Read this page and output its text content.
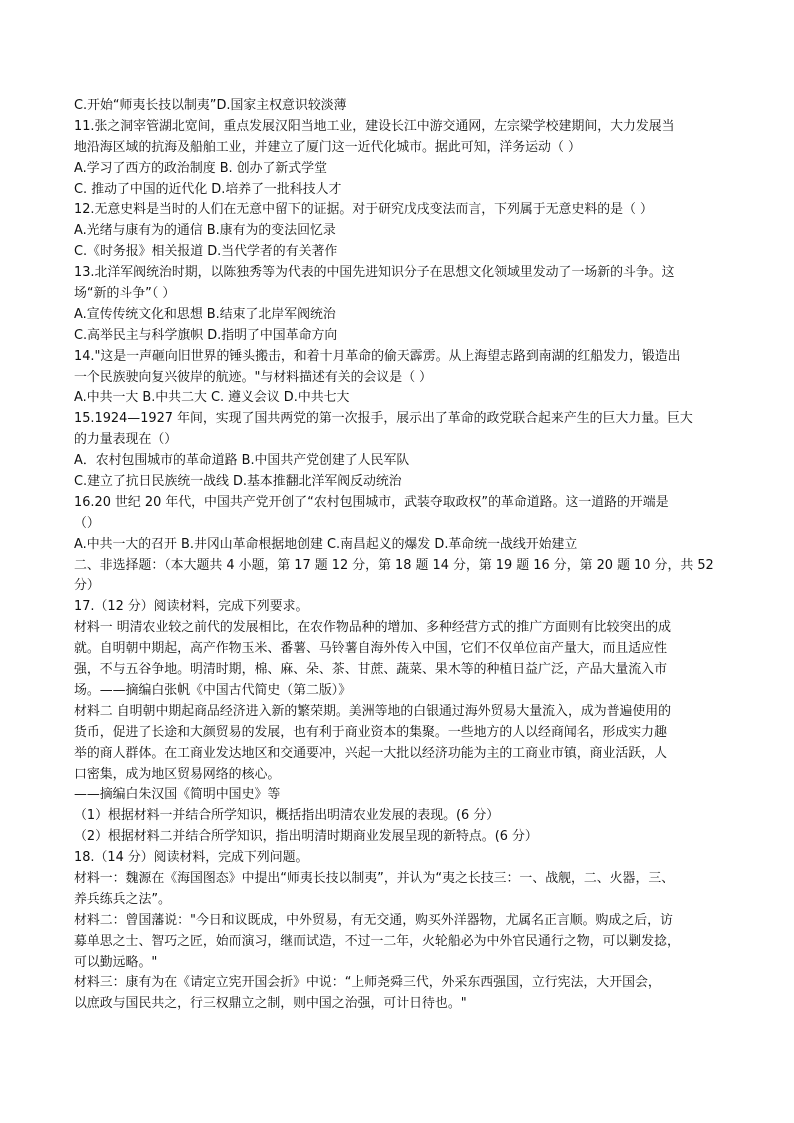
C.开始“师夷长技以制夷”D.国家主权意识较淡薄
11.张之洞宰管湖北宽间，重点发展汉阳当地工业，建设长江中游交通网，左宗梁学校建期间，大力发展当
地沿海区域的抗海及船舶工业，并建立了厦门这一近代化城市。据此可知，洋务运动（ ）
A.学习了西方的政治制度 B. 创办了新式学堂
C. 推动了中国的近代化 D.培养了一批科技人才
12.无意史料是当时的人们在无意中留下的证据。对于研究戊戌变法而言，下列属于无意史料的是（ ）
A.光绪与康有为的通信 B.康有为的变法回忆录
C.《时务报》相关报道 D.当代学者的有关著作
13.北洋军阀统治时期，以陈独秀等为代表的中国先进知识分子在思想文化领域里发动了一场新的斗争。这
场“新的斗争”（ ）
A.宣传传统文化和思想 B.结束了北岸军阀统治
C.高举民主与科学旗帜 D.指明了中国革命方向
14."这是一声砸向旧世界的锤头搬击，和着十月革命的偷天霹雳。从上海望志路到南湖的红船发力，锻造出
一个民族驶向复兴彼岸的航迹。"与材料描述有关的会议是（ ）
A.中共一大 B.中共二大 C. 遵义会议 D.中共七大
15.1924—1927 年间，实现了国共两党的第一次报手，展示出了革命的政党联合起来产生的巨大力量。巨大
的力量表现在（）
A．农村包围城市的革命道路 B.中国共产党创建了人民军队
C.建立了抗日民族统一战线 D.基本推翻北洋军阀反动统治
16.20 世纪 20 年代，中国共产党开创了“农村包围城市，武装夺取政权”的革命道路。这一道路的开端是
（）
A.中共一大的召开 B.井冈山革命根据地创建 C.南昌起义的爆发 D.革命统一战线开始建立
二、非选择题：（本大题共 4 小题，第 17 题 12 分，第 18 题 14 分，第 19 题 16 分，第 20 题 10 分，共 52
分）
17.（12 分）阅读材料，完成下列要求。
材料一 明清农业较之前代的发展相比，在农作物品种的增加、多种经营方式的推广方面则有比较突出的成
就。自明朝中期起，高产作物玉米、番薯、马铃薯自海外传入中国，它们不仅单位亩产量大，而且适应性
强，不与五谷争地。明清时期，棉、麻、朵、茶、甘蔗、蔬菜、果木等的种植日益广泛，产品大量流入市
场。——摘编白张帆《中国古代简史（第二版）》
材料二 自明朝中期起商品经济进入新的繁荣期。美洲等地的白银通过海外贸易大量流入，成为普遍使用的
货币，促进了长途和大颜贸易的发展，也有利于商业资本的集聚。一些地方的人以经商闻名，形成实力趣
举的商人群体。在工商业发达地区和交通要冲，兴起一大批以经济功能为主的工商业市镇，商业活跃，人
口密集，成为地区贸易网络的核心。
——摘编白朱汉国《简明中国史》等
（1）根据材料一并结合所学知识，概括指出明清农业发展的表现。(6 分）
（2）根据材料二并结合所学知识，指出明清时期商业发展呈现的新特点。(6 分）
18.（14 分）阅读材料，完成下列问题。
材料一：魏源在《海国图态》中提出“师夷长技以制夷”，并认为“夷之长技三：一、战舰，二、火器，三、
养兵练兵之法”。
材料二：曾国藩说："今日和议既成，中外贸易，有无交通，购买外洋器物，尤属名正言顺。购成之后，访
募单思之士、智巧之匠，始而演习，继而试造，不过一二年，火轮船必为中外官民通行之物，可以剿发捻，
可以勤远略。"
材料三：康有为在《请定立宪开国会折》中说：“上师尧舜三代，外采东西强国，立行宪法，大开国会，
以庶政与国民共之，行三权鼎立之制，则中国之治强，可计日待也。"
